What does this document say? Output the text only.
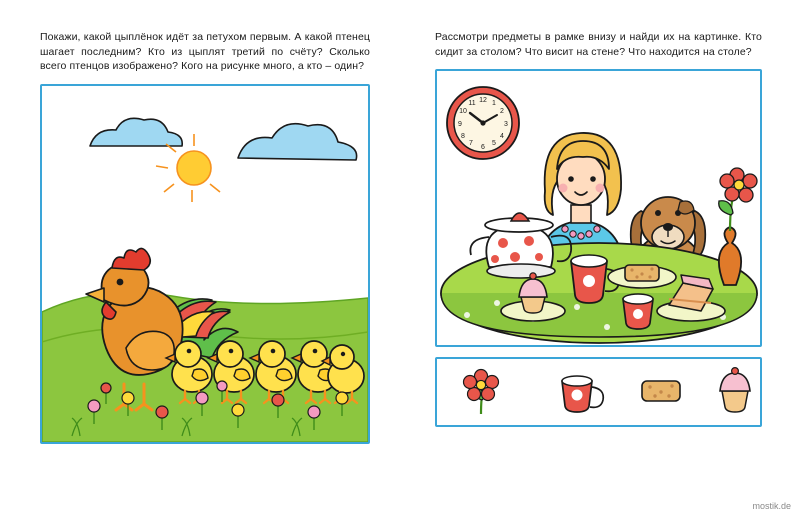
Покажи, какой цыплёнок идёт за петухом первым. А какой птенец шагает последним? Кто из цыплят третий по счёту? Сколько всего птенцов изображено? Кого на рисунке много, а кто – один?

Рассмотри предметы в рамке внизу и найди их на картинке. Кто сидит за столом? Что висит на стене? Что находится на столе?

12 1
2
3
4
5
6
7
8
9
10
11
mostik.de
